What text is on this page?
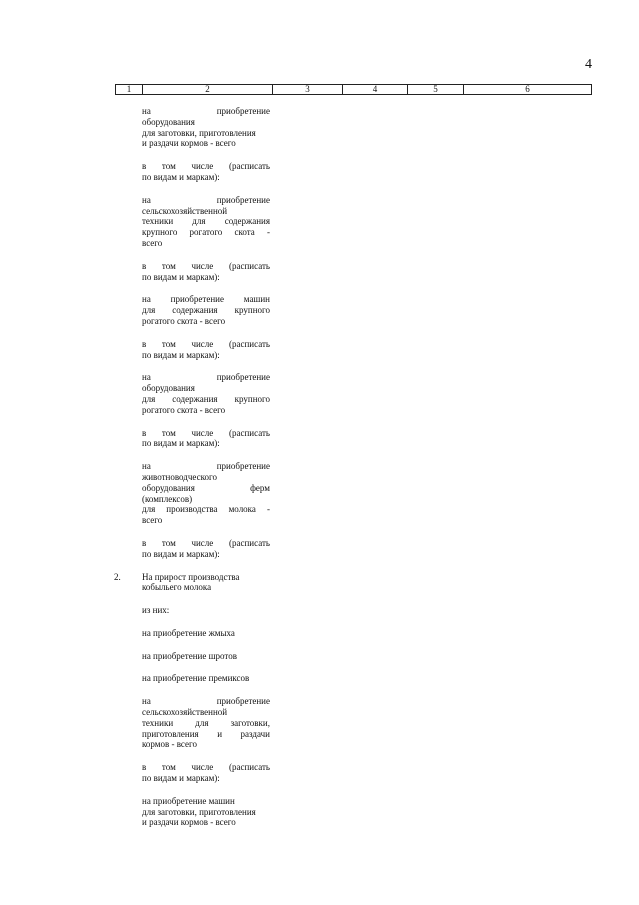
4
1	2	3	4	5	6
на приобретение
оборудования
для заготовки, приготовления
и раздачи кормов - всего
в том числе (расписать
по видам и маркам):
на приобретение
сельскохозяйственной
техники для содержания
крупного рогатого скота -
всего
в том числе (расписать
по видам и маркам):
на приобретение машин
для содержания крупного
рогатого скота - всего
в том числе (расписать
по видам и маркам):
на приобретение
оборудования
для содержания крупного
рогатого скота - всего
в том числе (расписать
по видам и маркам):
на приобретение
животноводческого
оборудования ферм
(комплексов)
для производства молока -
всего
в том числе (расписать
по видам и маркам):
2.	На прирост производства
кобыльего молока
из них:
на приобретение жмыха
на приобретение шротов
на приобретение премиксов
на приобретение
сельскохозяйственной
техники для заготовки,
приготовления и раздачи
кормов - всего
в том числе (расписать
по видам и маркам):
на приобретение машин
для заготовки, приготовления
и раздачи кормов - всего
